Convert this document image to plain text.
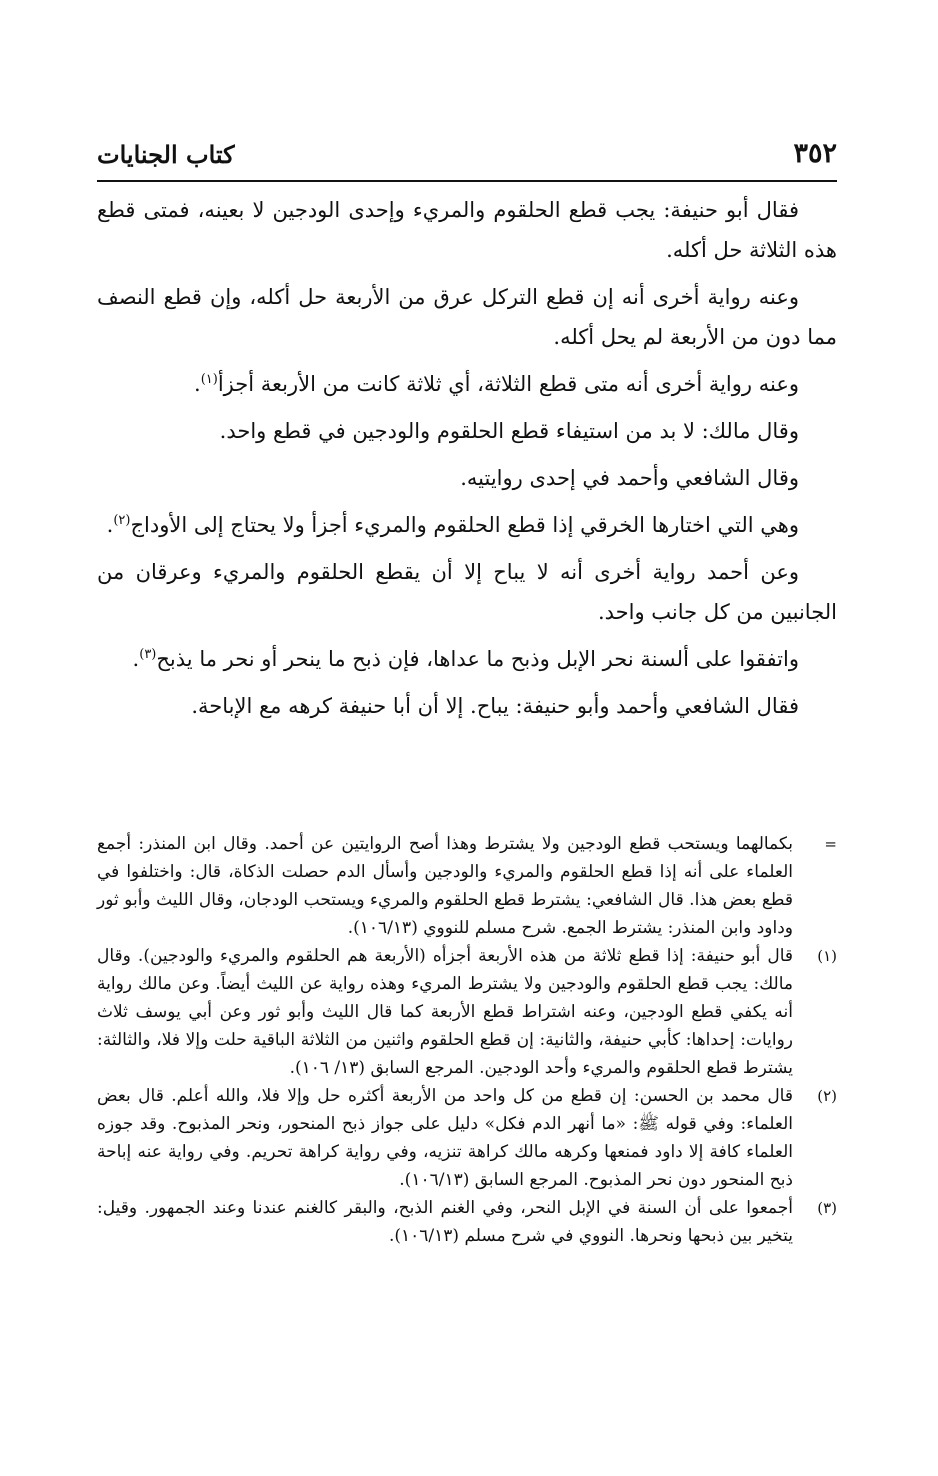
٣٥٢
كتاب الجنايات

فقال أبو حنيفة: يجب قطع الحلقوم والمريء وإحدى الودجين لا بعينه، فمتى قطع هذه الثلاثة حل أكله.

وعنه رواية أخرى أنه إن قطع التركل عرق من الأربعة حل أكله، وإن قطع النصف مما دون من الأربعة لم يحل أكله.

وعنه رواية أخرى أنه متى قطع الثلاثة، أي ثلاثة كانت من الأربعة أجزأ$^{(١)}$.

وقال مالك: لا بد من استيفاء قطع الحلقوم والودجين في قطع واحد.

وقال الشافعي وأحمد في إحدى روايتيه.

وهي التي اختارها الخرقي إذا قطع الحلقوم والمريء أجزأ ولا يحتاج إلى الأوداج$^{(٢)}$.

وعن أحمد رواية أخرى أنه لا يباح إلا أن يقطع الحلقوم والمريء وعرقان من الجانبين من كل جانب واحد.

واتفقوا على ألسنة نحر الإبل وذبح ما عداها، فإن ذبح ما ينحر أو نحر ما يذبح$^{(٣)}$.

فقال الشافعي وأحمد وأبو حنيفة: يباح. إلا أن أبا حنيفة كرهه مع الإباحة.

=
بكمالهما ويستحب قطع الودجين ولا يشترط وهذا أصح الروايتين عن أحمد. وقال ابن المنذر: أجمع العلماء على أنه إذا قطع الحلقوم والمريء والودجين وأسأل الدم حصلت الذكاة، قال: واختلفوا في قطع بعض هذا. قال الشافعي: يشترط قطع الحلقوم والمريء ويستحب الودجان، وقال الليث وأبو ثور وداود وابن المنذر: يشترط الجمع. شرح مسلم للنووي (١٠٦/١٣).
(١)
قال أبو حنيفة: إذا قطع ثلاثة من هذه الأربعة أجزأه (الأربعة هم الحلقوم والمريء والودجين). وقال مالك: يجب قطع الحلقوم والودجين ولا يشترط المريء وهذه رواية عن الليث أيضاً. وعن مالك رواية أنه يكفي قطع الودجين، وعنه اشتراط قطع الأربعة كما قال الليث وأبو ثور وعن أبي يوسف ثلاث روايات: إحداها: كأبي حنيفة، والثانية: إن قطع الحلقوم واثنين من الثلاثة الباقية حلت وإلا فلا، والثالثة: يشترط قطع الحلقوم والمريء وأحد الودجين. المرجع السابق (١٣/ ١٠٦).
(٢)
قال محمد بن الحسن: إن قطع من كل واحد من الأربعة أكثره حل وإلا فلا، والله أعلم. قال بعض العلماء: وفي قوله ﷺ: «ما أنهر الدم فكل» دليل على جواز ذبح المنحور، ونحر المذبوح. وقد جوزه العلماء كافة إلا داود فمنعها وكرهه مالك كراهة تنزيه، وفي رواية كراهة تحريم. وفي رواية عنه إباحة ذبح المنحور دون نحر المذبوح. المرجع السابق (١٠٦/١٣).
(٣)
أجمعوا على أن السنة في الإبل النحر، وفي الغنم الذبح، والبقر كالغنم عندنا وعند الجمهور. وقيل: يتخير بين ذبحها ونحرها. النووي في شرح مسلم (١٠٦/١٣).
